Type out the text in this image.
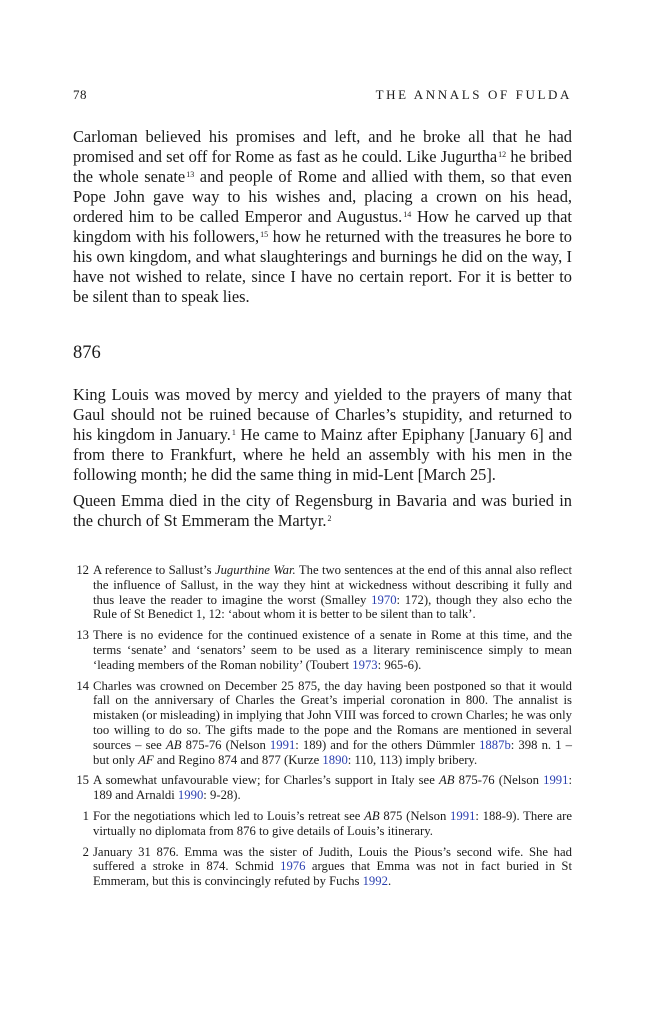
78	THE ANNALS OF FULDA

Carloman believed his promises and left, and he broke all that he had promised and set off for Rome as fast as he could. Like Jugurtha$^{12}$ he bribed the whole senate$^{13}$ and people of Rome and allied with them, so that even Pope John gave way to his wishes and, placing a crown on his head, ordered him to be called Emperor and Augustus.$^{14}$ How he carved up that kingdom with his followers,$^{15}$ how he returned with the treasures he bore to his own kingdom, and what slaughterings and burnings he did on the way, I have not wished to relate, since I have no certain report. For it is better to be silent than to speak lies.

876

King Louis was moved by mercy and yielded to the prayers of many that Gaul should not be ruined because of Charles’s stupidity, and returned to his kingdom in January.$^1$ He came to Mainz after Epiphany [January 6] and from there to Frankfurt, where he held an assembly with his men in the following month; he did the same thing in mid-Lent [March 25].

Queen Emma died in the city of Regensburg in Bavaria and was buried in the church of St Emmeram the Martyr.$^2$

12 A reference to Sallust’s Jugurthine War. The two sentences at the end of this annal also reflect the influence of Sallust, in the way they hint at wickedness without describing it fully and thus leave the reader to imagine the worst (Smalley 1970: 172), though they also echo the Rule of St Benedict 1, 12: ‘about whom it is better to be silent than to talk’.
13 There is no evidence for the continued existence of a senate in Rome at this time, and the terms ‘senate’ and ‘senators’ seem to be used as a literary reminiscence simply to mean ‘leading members of the Roman nobility’ (Toubert 1973: 965-6).
14 Charles was crowned on December 25 875, the day having been postponed so that it would fall on the anniversary of Charles the Great’s imperial coronation in 800. The annalist is mistaken (or misleading) in implying that John VIII was forced to crown Charles; he was only too willing to do so. The gifts made to the pope and the Romans are mentioned in several sources – see AB 875-76 (Nelson 1991: 189) and for the others Dümmler 1887b: 398 n. 1 – but only AF and Regino 874 and 877 (Kurze 1890: 110, 113) imply bribery.
15 A somewhat unfavourable view; for Charles’s support in Italy see AB 875-76 (Nelson 1991: 189 and Arnaldi 1990: 9-28).
1 For the negotiations which led to Louis’s retreat see AB 875 (Nelson 1991: 188-9). There are virtually no diplomata from 876 to give details of Louis’s itinerary.
2 January 31 876. Emma was the sister of Judith, Louis the Pious’s second wife. She had suffered a stroke in 874. Schmid 1976 argues that Emma was not in fact buried in St Emmeram, but this is convincingly refuted by Fuchs 1992.
